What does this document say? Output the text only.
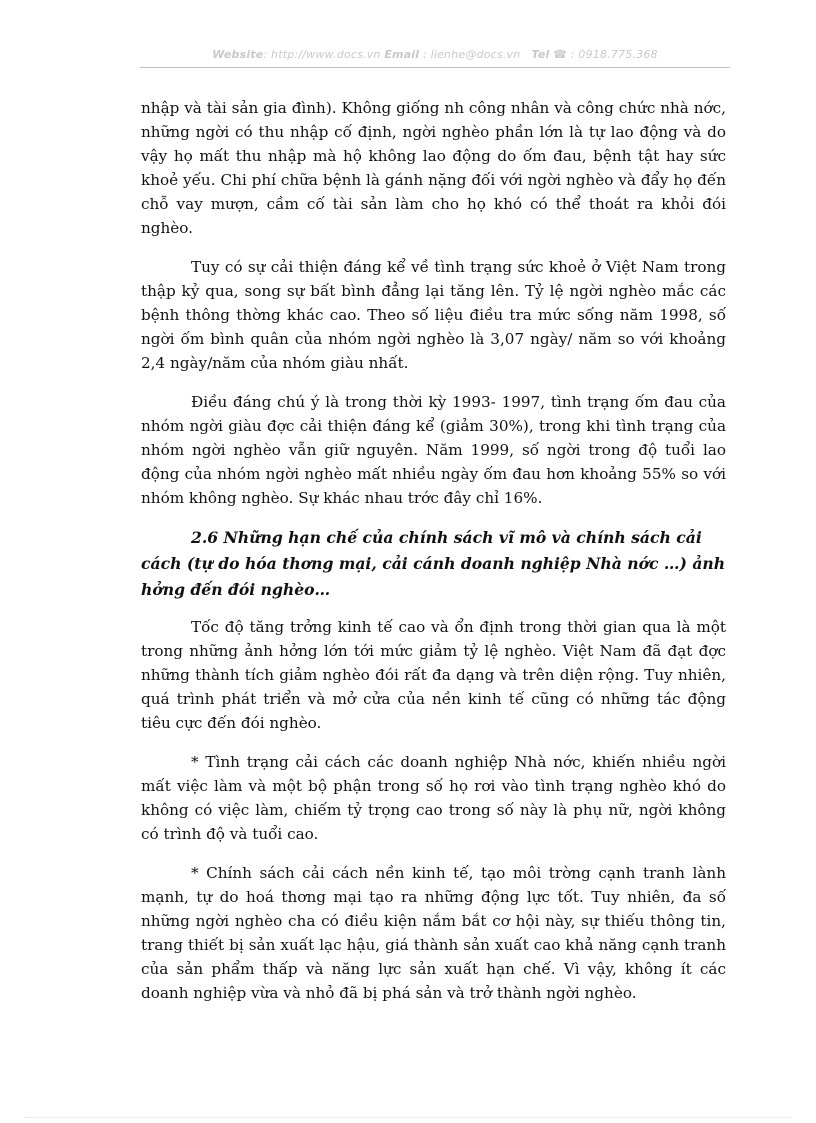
Website: http://www.docs.vn Email : lienhe@docs.vn Tel ☎ : 0918.775.368

nhập và tài sản gia đình). Không giống nh công nhân và công chức nhà nớc, những ngời có thu nhập cố định, ngời nghèo phần lớn là tự lao động và do vậy họ mất thu nhập mà hộ không lao động do ốm đau, bệnh tật hay sức khoẻ yếu. Chi phí chữa bệnh là gánh nặng đối với ngời nghèo và đẩy họ đến chỗ vay mượn, cầm cố tài sản làm cho họ khó có thể thoát ra khỏi đói nghèo.

Tuy có sự cải thiện đáng kể về tình trạng sức khoẻ ở Việt Nam trong thập kỷ qua, song sự bất bình đẳng lại tăng lên. Tỷ lệ ngời nghèo mắc các bệnh thông thờng khác cao. Theo số liệu điều tra mức sống năm 1998, số ngời ốm bình quân của nhóm ngời nghèo là 3,07 ngày/ năm so với khoảng 2,4 ngày/năm của nhóm giàu nhất.

Điều đáng chú ý là trong thời kỳ 1993- 1997, tình trạng ốm đau của nhóm ngời giàu đợc cải thiện đáng kể (giảm 30%), trong khi tình trạng của nhóm ngời nghèo vẫn giữ nguyên. Năm 1999, số ngời trong độ tuổi lao động của nhóm ngời nghèo mất nhiều ngày ốm đau hơn khoảng 55% so với nhóm không nghèo. Sự khác nhau trớc đây chỉ 16%.

2.6 Những hạn chế của chính sách vĩ mô và chính sách cải cách (tự do hóa thơng mại, cải cánh doanh nghiệp Nhà nớc …) ảnh hởng đến đói nghèo…

Tốc độ tăng trởng kinh tế cao và ổn định trong thời gian qua là một trong những ảnh hởng lớn tới mức giảm tỷ lệ nghèo. Việt Nam đã đạt đợc những thành tích giảm nghèo đói rất đa dạng và trên diện rộng. Tuy nhiên, quá trình phát triển và mở cửa của nền kinh tế cũng có những tác động tiêu cực đến đói nghèo.

* Tình trạng cải cách các doanh nghiệp Nhà nớc, khiến nhiều ngời mất việc làm và một bộ phận trong số họ rơi vào tình trạng nghèo khó do không có việc làm, chiếm tỷ trọng cao trong số này là phụ nữ, ngời không có trình độ và tuổi cao.

* Chính sách cải cách nền kinh tế, tạo môi trờng cạnh tranh lành mạnh, tự do hoá thơng mại tạo ra những động lực tốt. Tuy nhiên, đa số những ngời nghèo cha có điều kiện nắm bắt cơ hội này, sự thiếu thông tin, trang thiết bị sản xuất lạc hậu, giá thành sản xuất cao khả năng cạnh tranh của sản phẩm thấp và năng lực sản xuất hạn chế. Vì vậy, không ít các doanh nghiệp vừa và nhỏ đã bị phá sản và trở thành ngời nghèo.
